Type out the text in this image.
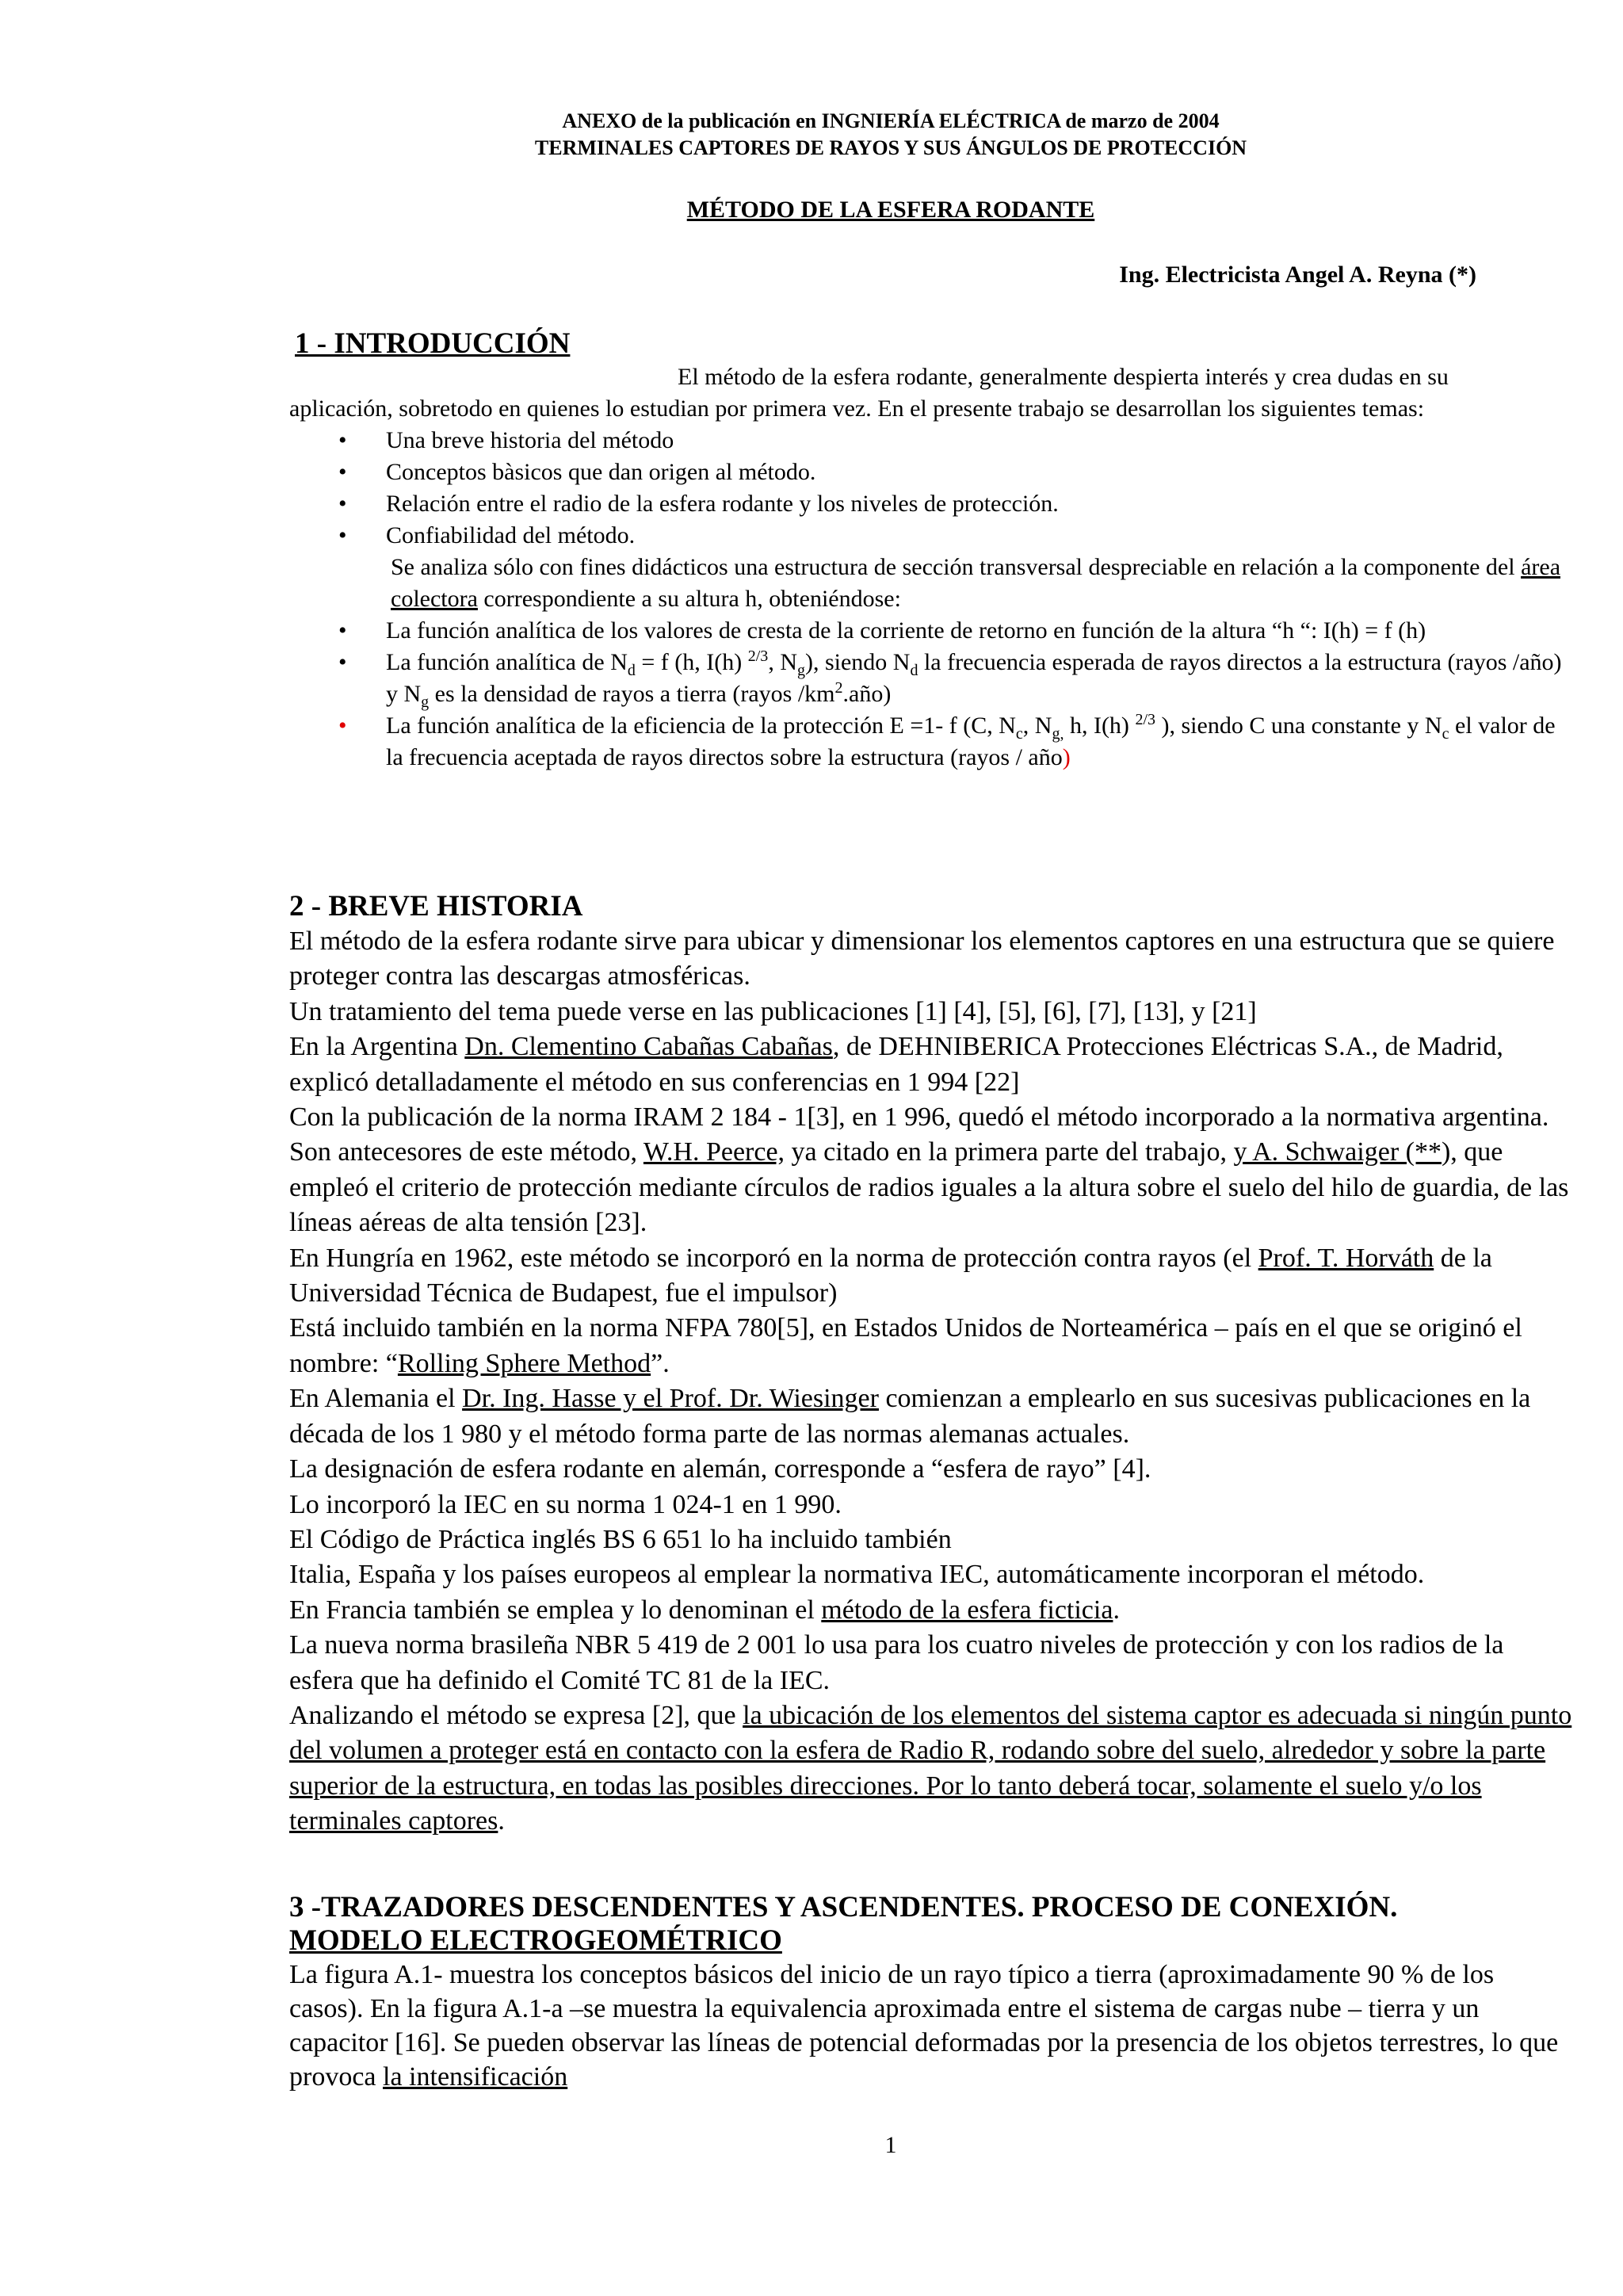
ANEXO de la publicación en INGNIERÍA ELÉCTRICA de marzo de 2004
TERMINALES CAPTORES DE RAYOS Y SUS ÁNGULOS DE PROTECCIÓN
MÉTODO DE LA ESFERA RODANTE
Ing. Electricista Angel A. Reyna (*)
1 - INTRODUCCIÓN
El método de la esfera rodante, generalmente despierta interés y crea dudas en su
aplicación, sobretodo en quienes lo estudian por primera vez. En el presente trabajo se desarrollan los siguientes temas:
• Una breve historia del método
• Conceptos bàsicos que dan origen al método.
• Relación entre el radio de la esfera rodante y los niveles de protección.
• Confiabilidad del método.
Se analiza sólo con fines didácticos una estructura de sección transversal despreciable en relación a la componente del área colectora correspondiente a su altura h, obteniéndose:
• La función analítica de los valores de cresta de la corriente de retorno en función de la altura “h “: I(h) = f (h)
• La función analítica de $N_d = f$ (h, I(h) $^{2/3}$, $N_g$), siendo $N_d$ la frecuencia esperada de rayos directos a la estructura (rayos /año) y $N_g$ es la densidad de rayos a tierra (rayos $/km^2.año$)
• La función analítica de la eficiencia de la protección E =1- f (C, $N_c$, $N_{g,}$ h, I(h) $^{2/3}$ ), siendo C una constante y $N_c$ el valor de la frecuencia aceptada de rayos directos sobre la estructura (rayos / año)
2 - BREVE HISTORIA

El método de la esfera rodante sirve para ubicar y dimensionar los elementos captores en una estructura que se quiere proteger contra las descargas atmosféricas.

Un tratamiento del tema puede verse en las publicaciones [1] [4], [5], [6], [7], [13], y [21]

En la Argentina Dn. Clementino Cabañas Cabañas, de DEHNIBERICA Protecciones Eléctricas S.A., de Madrid, explicó detalladamente el método en sus conferencias en 1 994 [22]

Con la publicación de la norma IRAM 2 184 - 1[3], en 1 996, quedó el método incorporado a la normativa argentina.

Son antecesores de este método, W.H. Peerce, ya citado en la primera parte del trabajo, y A. Schwaiger (**), que empleó el criterio de protección mediante círculos de radios iguales a la altura sobre el suelo del hilo de guardia, de las líneas aéreas de alta tensión [23].

En Hungría en 1962, este método se incorporó en la norma de protección contra rayos (el Prof. T. Horváth de la Universidad Técnica de Budapest, fue el impulsor)

Está incluido también en la norma NFPA 780[5], en Estados Unidos de Norteamérica – país en el que se originó el nombre: “Rolling Sphere Method”.

En Alemania el Dr. Ing. Hasse y el Prof. Dr. Wiesinger comienzan a emplearlo en sus sucesivas publicaciones en la década de los 1 980 y el método forma parte de las normas alemanas actuales.

La designación de esfera rodante en alemán, corresponde a “esfera de rayo” [4].

Lo incorporó la IEC en su norma 1 024-1 en 1 990.

El Código de Práctica inglés BS 6 651 lo ha incluido también

Italia, España y los países europeos al emplear la normativa IEC, automáticamente incorporan el método.

En Francia también se emplea y lo denominan el método de la esfera ficticia.

La nueva norma brasileña NBR 5 419 de 2 001 lo usa para los cuatro niveles de protección y con los radios de la esfera que ha definido el Comité TC 81 de la IEC.

Analizando el método se expresa [2], que la ubicación de los elementos del sistema captor es adecuada si ningún punto del volumen a proteger está en contacto con la esfera de Radio R, rodando sobre del suelo, alrededor y sobre la parte superior de la estructura, en todas las posibles direcciones. Por lo tanto deberá tocar, solamente el suelo y/o los terminales captores.

3 -TRAZADORES DESCENDENTES Y ASCENDENTES. PROCESO DE CONEXIÓN.
MODELO ELECTROGEOMÉTRICO

La figura A.1- muestra los conceptos básicos del inicio de un rayo típico a tierra (aproximadamente 90 % de los casos). En la figura A.1-a –se muestra la equivalencia aproximada entre el sistema de cargas nube – tierra y un capacitor [16]. Se pueden observar las líneas de potencial deformadas por la presencia de los objetos terrestres, lo que provoca la intensificación

1
